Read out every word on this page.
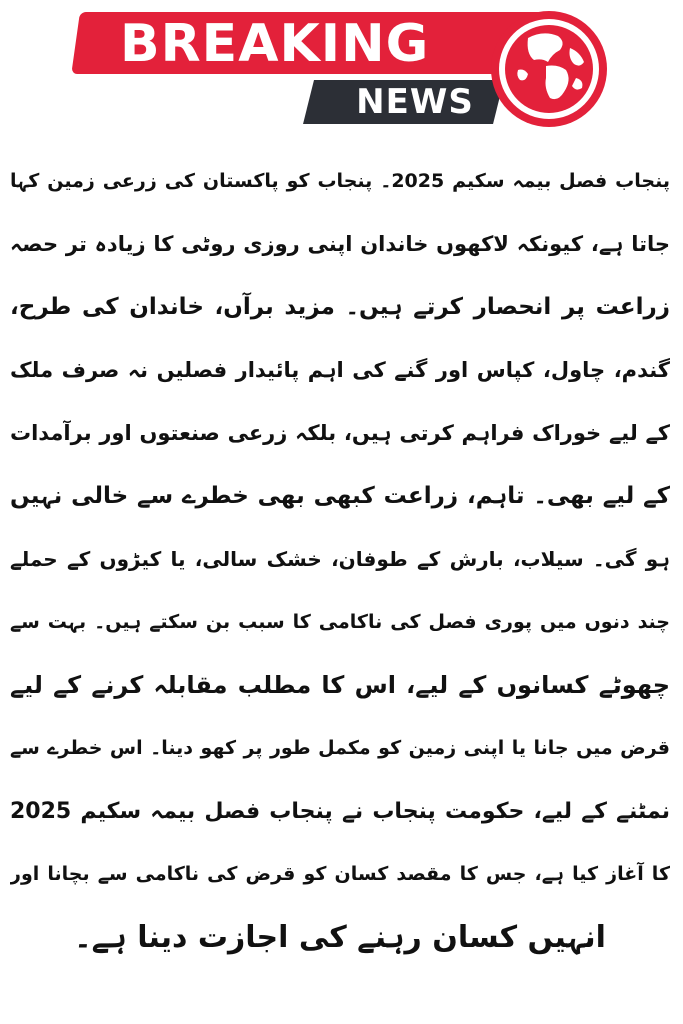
BREAKING
NEWS
پنجاب فصل بیمہ سکیم 2025۔ پنجاب کو پاکستان کی زرعی زمین کہا
جاتا ہے، کیونکہ لاکھوں خاندان اپنی روزی روٹی کا زیادہ تر حصہ
زراعت پر انحصار کرتے ہیں۔ مزید برآں، خاندان کی طرح،
گندم، چاول، کپاس اور گنے کی اہم پائیدار فصلیں نہ صرف ملک
کے لیے خوراک فراہم کرتی ہیں، بلکہ زرعی صنعتوں اور برآمدات
کے لیے بھی۔ تاہم، زراعت کبھی بھی خطرے سے خالی نہیں
ہو گی۔ سیلاب، بارش کے طوفان، خشک سالی، یا کیڑوں کے حملے
چند دنوں میں پوری فصل کی ناکامی کا سبب بن سکتے ہیں۔ بہت سے
چھوٹے کسانوں کے لیے، اس کا مطلب مقابلہ کرنے کے لیے
قرض میں جانا یا اپنی زمین کو مکمل طور پر کھو دینا۔ اس خطرے سے
نمٹنے کے لیے، حکومت پنجاب نے پنجاب فصل بیمہ سکیم 2025
کا آغاز کیا ہے، جس کا مقصد کسان کو قرض کی ناکامی سے بچانا اور
انہیں کسان رہنے کی اجازت دینا ہے۔
